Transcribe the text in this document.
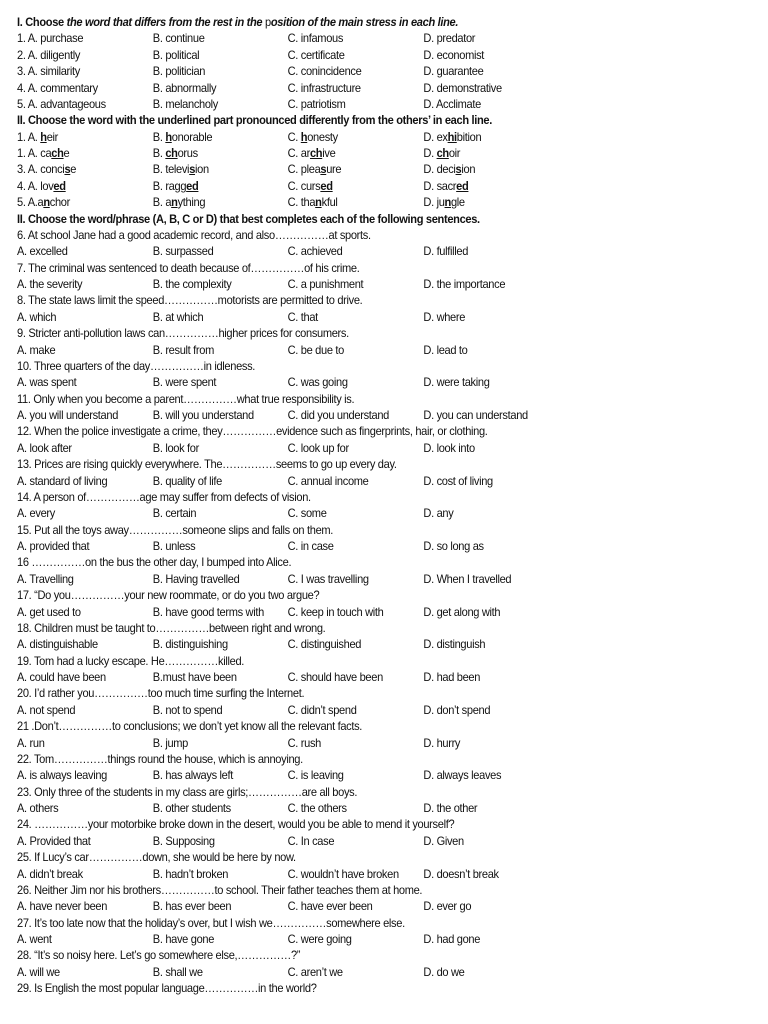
I. Choose the word that differs from the rest in the position of the main stress in each line.
1. A. purchase	B. continue	C. infamous	D. predator
2. A. diligently	B. political	C. certificate	D. economist
3. A. similarity	B. politician	C. conincidence	D. guarantee
4. A. commentary	B. abnormally	C. infrastructure	D. demonstrative
5. A. advantageous	B. melancholy	C. patriotism	D. Acclimate
II. Choose the word with the underlined part pronounced differently from the others’ in each line.
1. A. heir	B. honorable	C. honesty	D. exhibition
1. A. cache	B. chorus	C. archive	D. choir
3. A. concise	B. television	C. pleasure	D. decision
4. A. loved	B. ragged	C. cursed	D. sacred
5. A.anchor	B. anything	C. thankful	D. jungle
II. Choose the word/phrase (A, B, C or D) that best completes each of the following sentences.
6. At school Jane had a good academic record, and also……………at sports.
A. excelled	B. surpassed	C. achieved	D. fulfilled
7. The criminal was sentenced to death because of……………of his crime.
A. the severity	B. the complexity	C. a punishment	D. the importance
8. The state laws limit the speed……………motorists are permitted to drive.
A. which	B. at which	C. that	D. where
9. Stricter anti-pollution laws can……………higher prices for consumers.
A. make	B. result from	C. be due to	D. lead to
10. Three quarters of the day……………in idleness.
A. was spent	B. were spent	C. was going	D. were taking
11. Only when you become a parent……………what true responsibility is.
A. you will understand	B. will you understand	C. did you understand	D. you can understand
12. When the police investigate a crime, they……………evidence such as fingerprints, hair, or clothing.
A. look after	B. look for	C. look up for	D. look into
13. Prices are rising quickly everywhere. The……………seems to go up every day.
A. standard of living	B. quality of life	C. annual income	D. cost of living
14. A person of……………age may suffer from defects of vision.
A. every	B. certain	C. some	D. any
15. Put all the toys away……………someone slips and falls on them.
A. provided that	B. unless	C. in case	D. so long as
16 ……………on the bus the other day, I bumped into Alice.
A. Travelling	B. Having travelled	C. I was travelling	D. When I travelled
17. “Do you……………your new roommate, or do you two argue?
A. get used to	B. have good terms with C. keep in touch with	D. get along with
18. Children must be taught to……………between right and wrong.
A. distinguishable	B. distinguishing	C. distinguished	D. distinguish
19. Tom had a lucky escape. He……………killed.
A. could have been	B.must have been	C. should have been	D. had been
20. I’d rather you……………too much time surfing the Internet.
A. not spend	B. not to spend	C. didn’t spend	D. don’t spend
21 .Don’t……………to conclusions; we don’t yet know all the relevant facts.
A. run	B. jump	C. rush	D. hurry
22. Tom……………things round the house, which is annoying.
A. is always leaving	B. has always left	C. is leaving	D. always leaves
23. Only three of the students in my class are girls;……………are all boys.
A. others	B. other students	C. the others	D. the other
24. ……………your motorbike broke down in the desert, would you be able to mend it yourself?
A. Provided that	B. Supposing	C. In case	D. Given
25. If Lucy’s car……………down, she would be here by now.
A. didn’t break	B. hadn’t broken	C. wouldn’t have broken D. doesn’t break
26. Neither Jim nor his brothers……………to school. Their father teaches them at home.
A. have never been	B. has ever been	C. have ever been	D. ever go
27. It’s too late now that the holiday’s over, but I wish we……………somewhere else.
A. went	B. have gone	C. were going	D. had gone
28. “It’s so noisy here. Let’s go somewhere else,……………?”
A. will we	B. shall we	C. aren’t we	D. do we
29. Is English the most popular language……………in the world?
